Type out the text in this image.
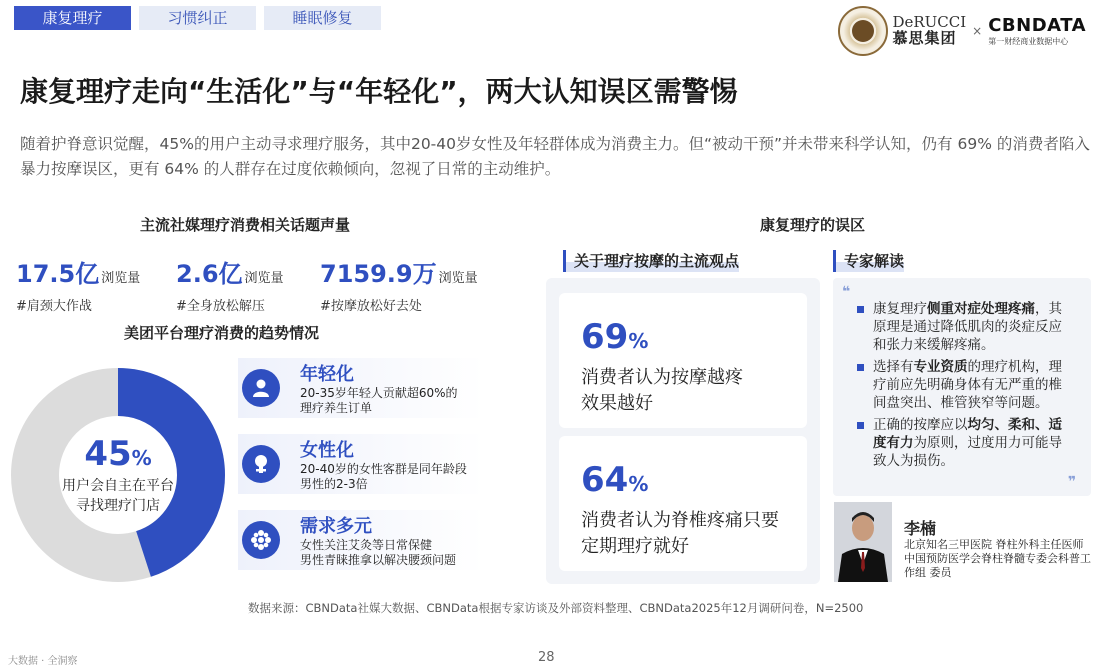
康复理疗	习惯纠正	睡眠修复	DeRUCCI
慕思集团	× CBNDATA
第一财经商业数据中心
康复理疗走向“生活化”与“年轻化”，两大认知误区需警惕
随着护脊意识觉醒，45%的用户主动寻求理疗服务，其中20-40岁女性及年轻群体成为消费主力。但“被动干预”并未带来科学认知，仍有 69% 的消费者陷入暴力按摩误区，更有 64% 的人群存在过度依赖倾向，忽视了日常的主动维护。
主流社媒理疗消费相关话题声量
17.5亿 浏览量
#肩颈大作战
2.6亿 浏览量
#全身放松解压
7159.9万 浏览量
#按摩放松好去处
美团平台理疗消费的趋势情况
45%
用户会自主在平台
寻找理疗门店
年轻化
20-35岁年轻人贡献超60%的
理疗养生订单
女性化
20-40岁的女性客群是同年龄段
男性的2-3倍
需求多元
女性关注艾灸等日常保健
男性青睐推拿以解决腰颈问题
康复理疗的误区
关于理疗按摩的主流观点	专家解读
69%
消费者认为按摩越疼
效果越好
64%
消费者认为脊椎疼痛只要
定期理疗就好
❝
❞
康复理疗侧重对症处理疼痛，其原理是通过降低肌肉的炎症反应和张力来缓解疼痛。
选择有专业资质的理疗机构，理疗前应先明确身体有无严重的椎间盘突出、椎管狭窄等问题。
正确的按摩应以均匀、柔和、适度有力为原则，过度用力可能导致人为损伤。
李楠
北京知名三甲医院 脊柱外科主任医师 中国预防医学会脊柱脊髓专委会科普工作组 委员
数据来源：CBNData社媒大数据、CBNData根据专家访谈及外部资料整理、CBNData2025年12月调研问卷，N=2500
大数据 · 全洞察	28
